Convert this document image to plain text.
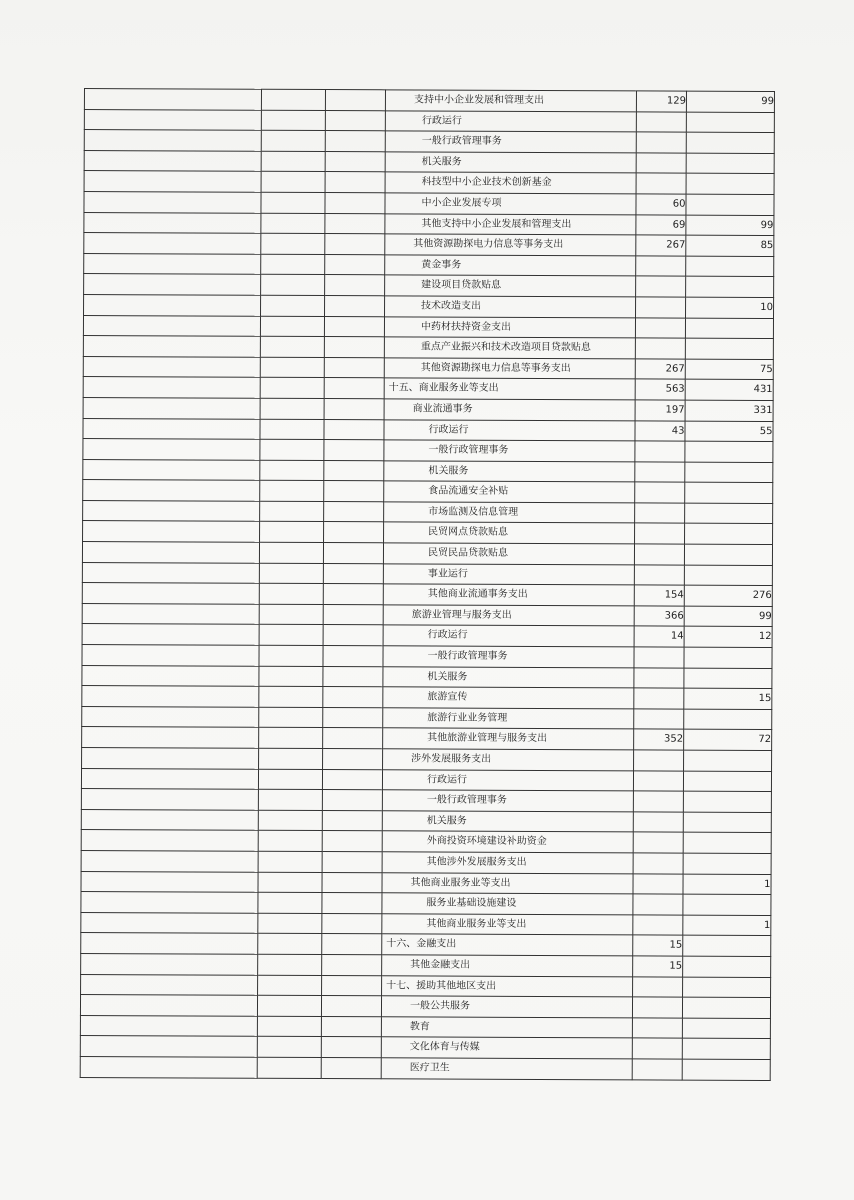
			支持中小企业发展和管理支出	129	99
			行政运行		
			一般行政管理事务		
			机关服务		
			科技型中小企业技术创新基金		
			中小企业发展专项	60	
			其他支持中小企业发展和管理支出	69	99
			其他资源勘探电力信息等事务支出	267	85
			黄金事务		
			建设项目贷款贴息		
			技术改造支出		10
			中药材扶持资金支出		
			重点产业振兴和技术改造项目贷款贴息		
			其他资源勘探电力信息等事务支出	267	75
			十五、商业服务业等支出	563	431
			商业流通事务	197	331
			行政运行	43	55
			一般行政管理事务		
			机关服务		
			食品流通安全补贴		
			市场监测及信息管理		
			民贸网点贷款贴息		
			民贸民品贷款贴息		
			事业运行		
			其他商业流通事务支出	154	276
			旅游业管理与服务支出	366	99
			行政运行	14	12
			一般行政管理事务		
			机关服务		
			旅游宣传		15
			旅游行业业务管理		
			其他旅游业管理与服务支出	352	72
			涉外发展服务支出		
			行政运行		
			一般行政管理事务		
			机关服务		
			外商投资环境建设补助资金		
			其他涉外发展服务支出		
			其他商业服务业等支出		1
			服务业基础设施建设		
			其他商业服务业等支出		1
			十六、金融支出	15	
			其他金融支出	15	
			十七、援助其他地区支出		
			一般公共服务		
			教育		
			文化体育与传媒		
			医疗卫生		
